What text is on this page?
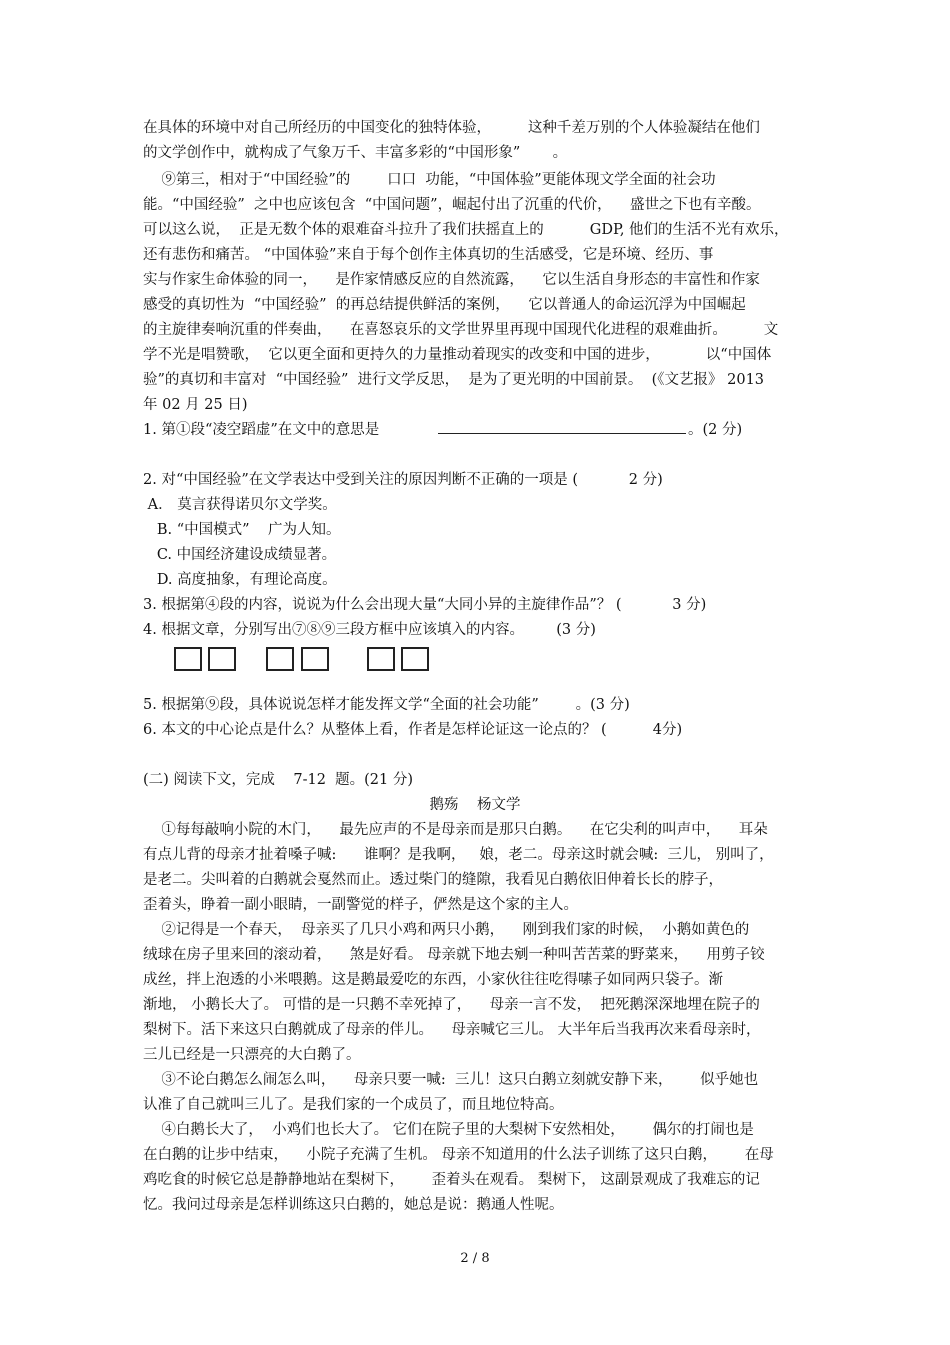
在具体的环境中对自己所经历的中国变化的独特体验，        这种千差万别的个人体验凝结在他们
的文学创作中，就构成了气象万千、丰富多彩的“中国形象”       。
⑨第三，相对于“中国经验”的        口口  功能，“中国体验”更能体现文学全面的社会功
能。“中国经验”  之中也应该包含  “中国问题”，崛起付出了沉重的代价，    盛世之下也有辛酸。
可以这么说，  正是无数个体的艰难奋斗拉升了我们扶摇直上的          GDP, 他们的生活不光有欢乐，
还有悲伤和痛苦。 “中国体验”来自于每个创作主体真切的生活感受，它是环境、经历、事
实与作家生命体验的同一，    是作家情感反应的自然流露，    它以生活自身形态的丰富性和作家
感受的真切性为  “中国经验”  的再总结提供鲜活的案例，    它以普通人的命运沉浮为中国崛起
的主旋律奏响沉重的伴奏曲，    在喜怒哀乐的文学世界里再现中国现代化进程的艰难曲折。        文
学不光是唱赞歌，  它以更全面和更持久的力量推动着现实的改变和中国的进步，          以“中国体
验”的真切和丰富对  “中国经验”  进行文学反思，  是为了更光明的中国前景。  (《文艺报》 2013
年 02 月 25 日)
1. 第①段“凌空蹈虚”在文中的意思是	。(2 分)
2. 对“中国经验”在文学表达中受到关注的原因判断不正确的一项是 (           2 分)
A． 莫言获得诺贝尔文学奖。
B. “中国模式”    广为人知。
C. 中国经济建设成绩显著。
D. 高度抽象，有理论高度。
3. 根据第④段的内容，说说为什么会出现大量“大同小异的主旋律作品”？ (           3 分)
4. 根据文章，分别写出⑦⑧⑨三段方框中应该填入的内容。       (3 分)
5. 根据第⑨段，具体说说怎样才能发挥文学“全面的社会功能”        。(3 分)
6. 本文的中心论点是什么？从整体上看，作者是怎样论证这一论点的？ (          4分)
(二) 阅读下文，完成    7-12  题。(21 分)
鹅殇    杨文学
①每每敲响小院的木门，    最先应声的不是母亲而是那只白鹅。    在它尖利的叫声中，    耳朵
有点儿背的母亲才扯着嗓子喊:      谁啊？是我啊，   娘，老二。母亲这时就会喊:  三儿， 别叫了，
是老二。尖叫着的白鹅就会戛然而止。透过柴门的缝隙，我看见白鹅依旧伸着长长的脖子，
歪着头，睁着一副小眼睛，一副警觉的样子，俨然是这个家的主人。
②记得是一个春天，  母亲买了几只小鸡和两只小鹅，    刚到我们家的时候，  小鹅如黄色的
绒球在房子里来回的滚动着，    煞是好看。 母亲就下地去剜一种叫苦苦菜的野菜来，    用剪子铰
成丝，拌上泡透的小米喂鹅。这是鹅最爱吃的东西，小家伙往往吃得嗉子如同两只袋子。渐
渐地， 小鹅长大了。 可惜的是一只鹅不幸死掉了，    母亲一言不发，  把死鹅深深地埋在院子的
梨树下。活下来这只白鹅就成了母亲的伴儿。    母亲喊它三儿。 大半年后当我再次来看母亲时，
三儿已经是一只漂亮的大白鹅了。
③不论白鹅怎么闹怎么叫，    母亲只要一喊:  三儿！这只白鹅立刻就安静下来，      似乎她也
认准了自己就叫三儿了。是我们家的一个成员了，而且地位特高。
④白鹅长大了，  小鸡们也长大了。 它们在院子里的大梨树下安然相处，      偶尔的打闹也是
在白鹅的让步中结束，    小院子充满了生机。 母亲不知道用的什么法子训练了这只白鹅，      在母
鸡吃食的时候它总是静静地站在梨树下，      歪着头在观看。 梨树下， 这副景观成了我难忘的记
忆。我问过母亲是怎样训练这只白鹅的，她总是说：鹅通人性呢。
2 / 8
